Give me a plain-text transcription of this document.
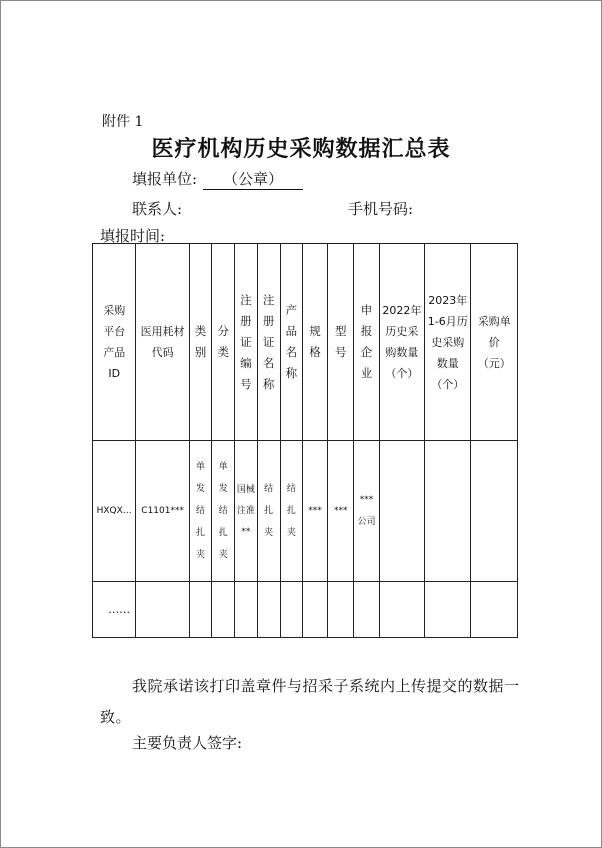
附件 1
医疗机构历史采购数据汇总表
填报单位: （公章）
联系人:	手机号码:
填报时间:
采购平台产品ID	医用耗材代码	类别	分类	注册证编号	注册证名称	产品名称	规格	型号	申报企业	2022年历史采购数量（个）	2023年1-6月历史采购数量（个）	采购单价（元）

HXQX…	C1101***	单发结扎夹	单发结扎夹	国械注准**	结扎夹	结扎夹	***	***	***公司			

……												

我院承诺该打印盖章件与招采子系统内上传提交的数据一致。
主要负责人签字:
